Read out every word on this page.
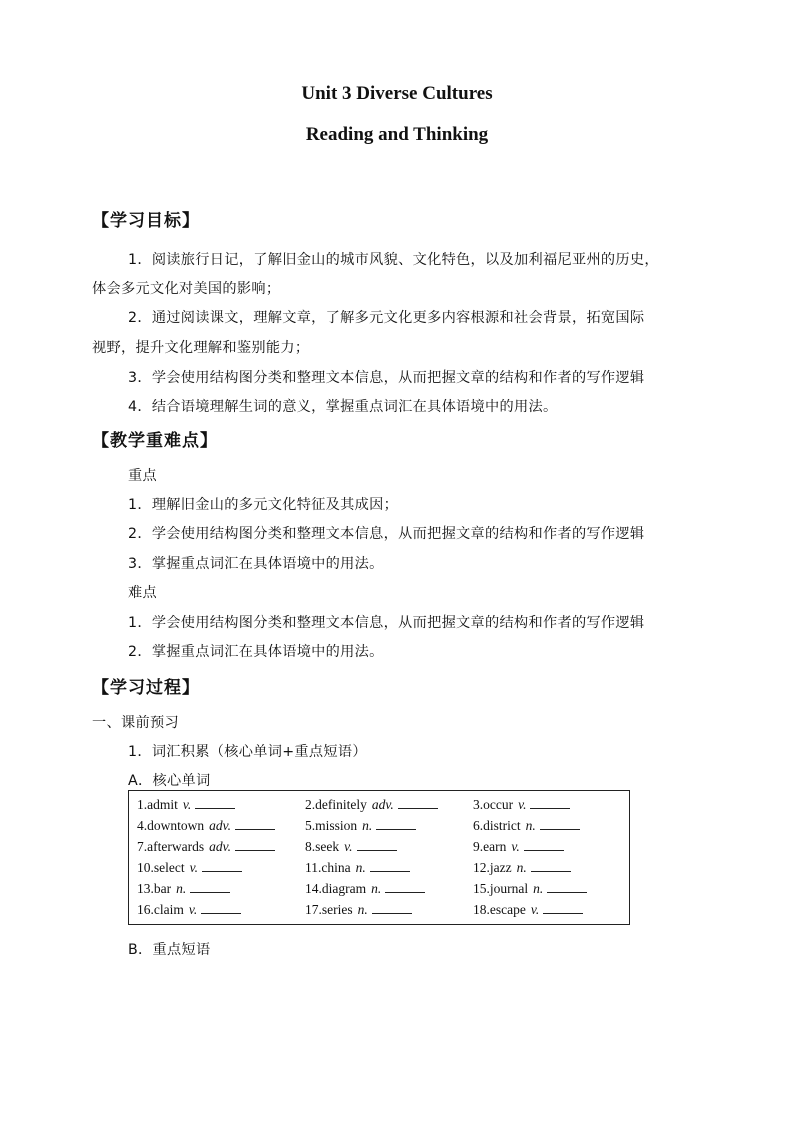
Unit 3 Diverse Cultures
Reading and Thinking
【学习目标】
1．阅读旅行日记，了解旧金山的城市风貌、文化特色，以及加利福尼亚州的历史，
体会多元文化对美国的影响；
2．通过阅读课文，理解文章，了解多元文化更多内容根源和社会背景，拓宽国际
视野，提升文化理解和鉴别能力；
3．学会使用结构图分类和整理文本信息，从而把握文章的结构和作者的写作逻辑
4．结合语境理解生词的意义，掌握重点词汇在具体语境中的用法。
【教学重难点】
重点
1．理解旧金山的多元文化特征及其成因；
2．学会使用结构图分类和整理文本信息，从而把握文章的结构和作者的写作逻辑
3．掌握重点词汇在具体语境中的用法。
难点
1．学会使用结构图分类和整理文本信息，从而把握文章的结构和作者的写作逻辑
2．掌握重点词汇在具体语境中的用法。
【学习过程】
一、课前预习
1．词汇积累（核心单词+重点短语）
A．核心单词
1.admit v.	2.definitely adv.	3.occur v.
4.downtown adv.	5.mission n.	6.district n.
7.afterwards adv.	8.seek v.	9.earn v.
10.select v.	11.china n.	12.jazz n.
13.bar n.	14.diagram n.	15.journal n.
16.claim v.	17.series n.	18.escape v.
B．重点短语
